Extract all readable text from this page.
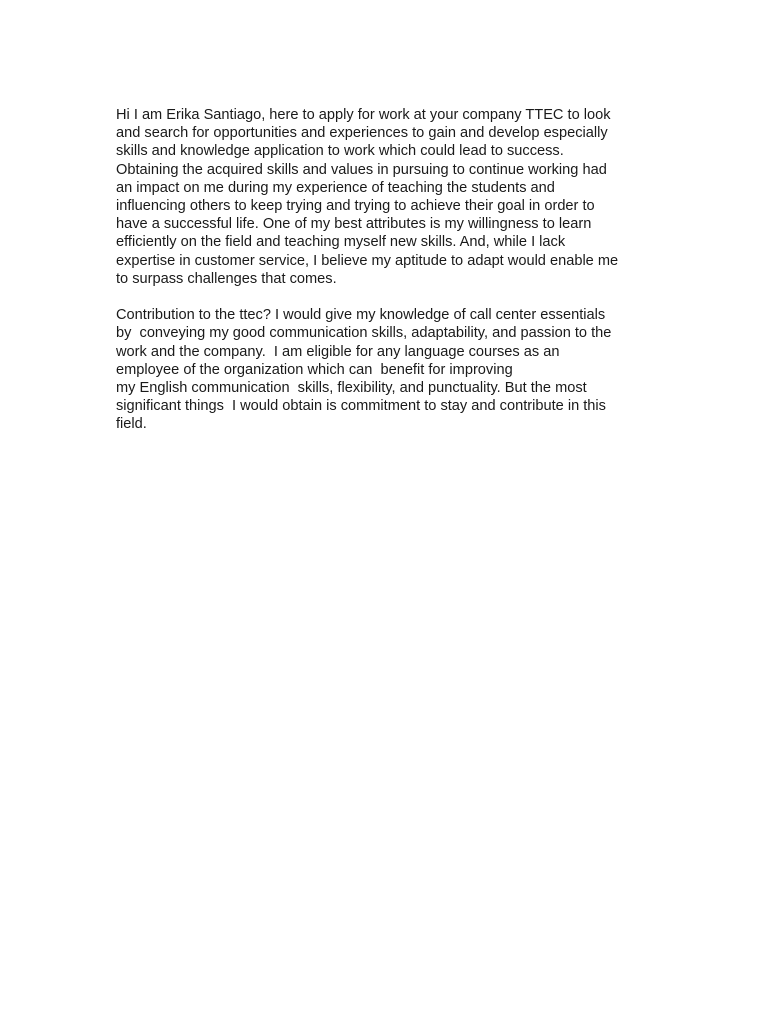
Hi I am Erika Santiago, here to apply for work at your company TTEC to look
and search for opportunities and experiences to gain and develop especially
skills and knowledge application to work which could lead to success.
Obtaining the acquired skills and values in pursuing to continue working had
an impact on me during my experience of teaching the students and
influencing others to keep trying and trying to achieve their goal in order to
have a successful life. One of my best attributes is my willingness to learn
efficiently on the field and teaching myself new skills. And, while I lack
expertise in customer service, I believe my aptitude to adapt would enable me
to surpass challenges that comes.

Contribution to the ttec? I would give my knowledge of call center essentials
by  conveying my good communication skills, adaptability, and passion to the
work and the company.  I am eligible for any language courses as an
employee of the organization which can  benefit for improving
my English communication  skills, flexibility, and punctuality. But the most
significant things  I would obtain is commitment to stay and contribute in this
field.
